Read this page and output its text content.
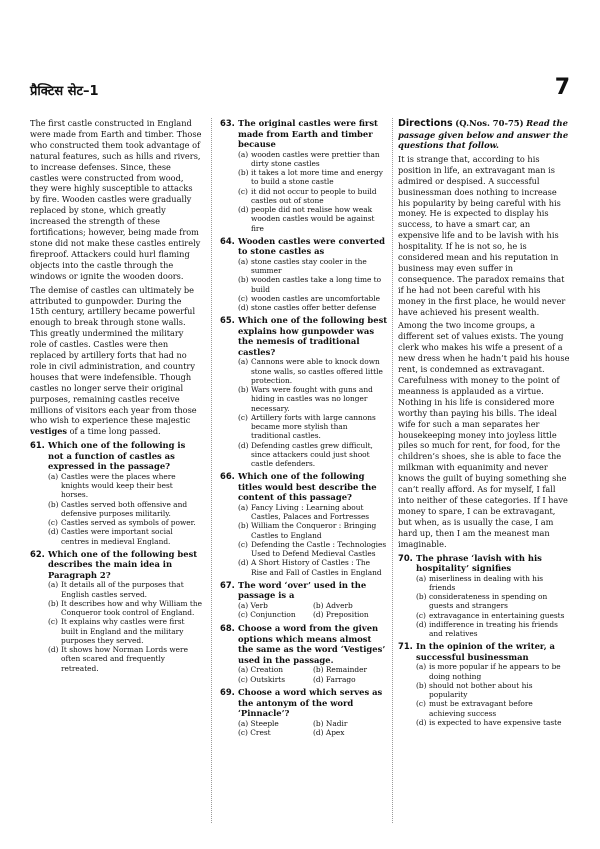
प्रैक्टिस सेट–1	7

The first castle constructed in England were made from Earth and timber. Those who constructed them took advantage of natural features, such as hills and rivers, to increase defenses. Since, these castles were constructed from wood, they were highly susceptible to attacks by fire. Wooden castles were gradually replaced by stone, which greatly increased the strength of these fortifications; however, being made from stone did not make these castles entirely fireproof. Attackers could hurl flaming objects into the castle through the windows or ignite the wooden doors.

The demise of castles can ultimately be attributed to gunpowder. During the 15th century, artillery became powerful enough to break through stone walls. This greatly undermined the military role of castles. Castles were then replaced by artillery forts that had no role in civil administration, and country houses that were indefensible. Though castles no longer serve their original purposes, remaining castles receive millions of visitors each year from those who wish to experience these majestic vestiges of a time long passed.

61. Which one of the following is not a function of castles as expressed in the passage?
(a) Castles were the places where knights would keep their best horses.
(b) Castles served both offensive and defensive purposes militarily.
(c) Castles served as symbols of power.
(d) Castles were important social centres in medieval England.
62. Which one of the following best describes the main idea in Paragraph 2?
(a) It details all of the purposes that English castles served.
(b) It describes how and why William the Conqueror took control of England.
(c) It explains why castles were first built in England and the military purposes they served.
(d) It shows how Norman Lords were often scared and frequently retreated.
63. The original castles were first made from Earth and timber because
(a) wooden castles were prettier than dirty stone castles
(b) it takes a lot more time and energy to build a stone castle
(c) it did not occur to people to build castles out of stone
(d) people did not realise how weak wooden castles would be against fire
64. Wooden castles were converted to stone castles as
(a) stone castles stay cooler in the summer
(b) wooden castles take a long time to build
(c) wooden castles are uncomfortable
(d) stone castles offer better defense
65. Which one of the following best explains how gunpowder was the nemesis of traditional castles?
(a) Cannons were able to knock down stone walls, so castles offered little protection.
(b) Wars were fought with guns and hiding in castles was no longer necessary.
(c) Artillery forts with large cannons became more stylish than traditional castles.
(d) Defending castles grew difficult, since attackers could just shoot castle defenders.
66. Which one of the following titles would best describe the content of this passage?
(a) Fancy Living : Learning about Castles, Palaces and Fortresses
(b) William the Conqueror : Bringing Castles to England
(c) Defending the Castle : Technologies Used to Defend Medieval Castles
(d) A Short History of Castles : The Rise and Fall of Castles in England
67. The word ‘over’ used in the passage is a
(a) Verb	(b) Adverb
(c) Conjunction	(d) Preposition
68. Choose a word from the given options which means almost the same as the word ‘Vestiges’ used in the passage.
(a) Creation	(b) Remainder
(c) Outskirts	(d) Farrago
69. Choose a word which serves as the antonym of the word ‘Pinnacle’?
(a) Steeple	(b) Nadir
(c) Crest	(d) Apex

Directions (Q.Nos. 70-75) Read the passage given below and answer the questions that follow.

It is strange that, according to his position in life, an extravagant man is admired or despised. A successful businessman does nothing to increase his popularity by being careful with his money. He is expected to display his success, to have a smart car, an expensive life and to be lavish with his hospitality. If he is not so, he is considered mean and his reputation in business may even suffer in consequence. The paradox remains that if he had not been careful with his money in the first place, he would never have achieved his present wealth.

Among the two income groups, a different set of values exists. The young clerk who makes his wife a present of a new dress when he hadn’t paid his house rent, is condemned as extravagant. Carefulness with money to the point of meanness is applauded as a virtue. Nothing in his life is considered more worthy than paying his bills. The ideal wife for such a man separates her housekeeping money into joyless little piles so much for rent, for food, for the children’s shoes, she is able to face the milkman with equanimity and never knows the guilt of buying something she can’t really afford. As for myself, I fall into neither of these categories. If I have money to spare, I can be extravagant, but when, as is usually the case, I am hard up, then I am the meanest man imaginable.

70. The phrase ‘lavish with his hospitality’ signifies
(a) miserliness in dealing with his friends
(b) considerateness in spending on guests and strangers
(c) extravagance in entertaining guests
(d) indifference in treating his friends and relatives
71. In the opinion of the writer, a successful businessman
(a) is more popular if he appears to be doing nothing
(b) should not bother about his popularity
(c) must be extravagant before achieving success
(d) is expected to have expensive taste
